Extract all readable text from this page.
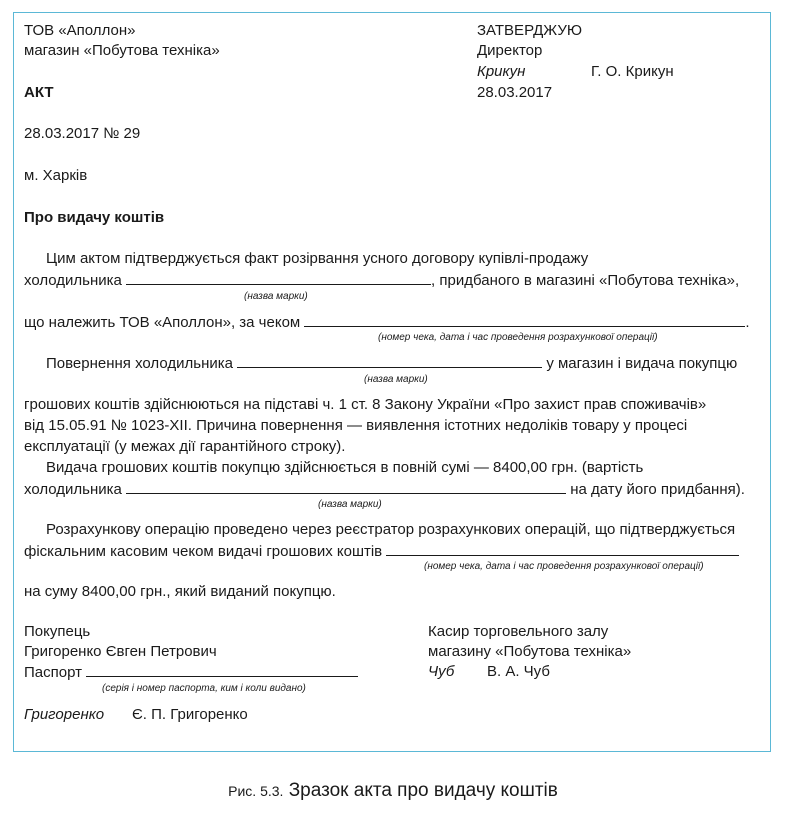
ТОВ «Аполлон»
магазин «Побутова техніка»
АКТ
ЗАТВЕРДЖУЮ
Директор
Крикун	Г. О. Крикун
28.03.2017
28.03.2017 № 29
м. Харків
Про видачу коштів
Цим актом підтверджується факт розірвання усного договору купівлі-продажу
холодильника	, придбаного в магазині «Побутова техніка»,
(назва марки)
що належить ТОВ «Аполлон», за чеком	.
(номер чека, дата і час проведення розрахункової операції)
Повернення холодильника	у магазин і видача покупцю
(назва марки)
грошових коштів здійснюються на підставі ч. 1 ст. 8 Закону України «Про захист прав споживачів»
від 15.05.91 № 1023-XII. Причина повернення — виявлення істотних недоліків товару у процесі
експлуатації (у межах дії гарантійного строку).
Видача грошових коштів покупцю здійснюється в повній сумі — 8400,00 грн. (вартість
холодильника	на дату його придбання).
(назва марки)
Розрахункову операцію проведено через реєстратор розрахункових операцій, що підтверджується
фіскальним касовим чеком видачі грошових коштів
(номер чека, дата і час проведення розрахункової операції)
на суму 8400,00 грн., який виданий покупцю.
Покупець
Григоренко Євген Петрович
Паспорт
(серія і номер паспорта, ким і коли видано)
Григоренко Є. П. Григоренко
Касир торговельного залу
магазину «Побутова техніка»
Чуб В. А. Чуб
Рис. 5.3. Зразок акта про видачу коштів
